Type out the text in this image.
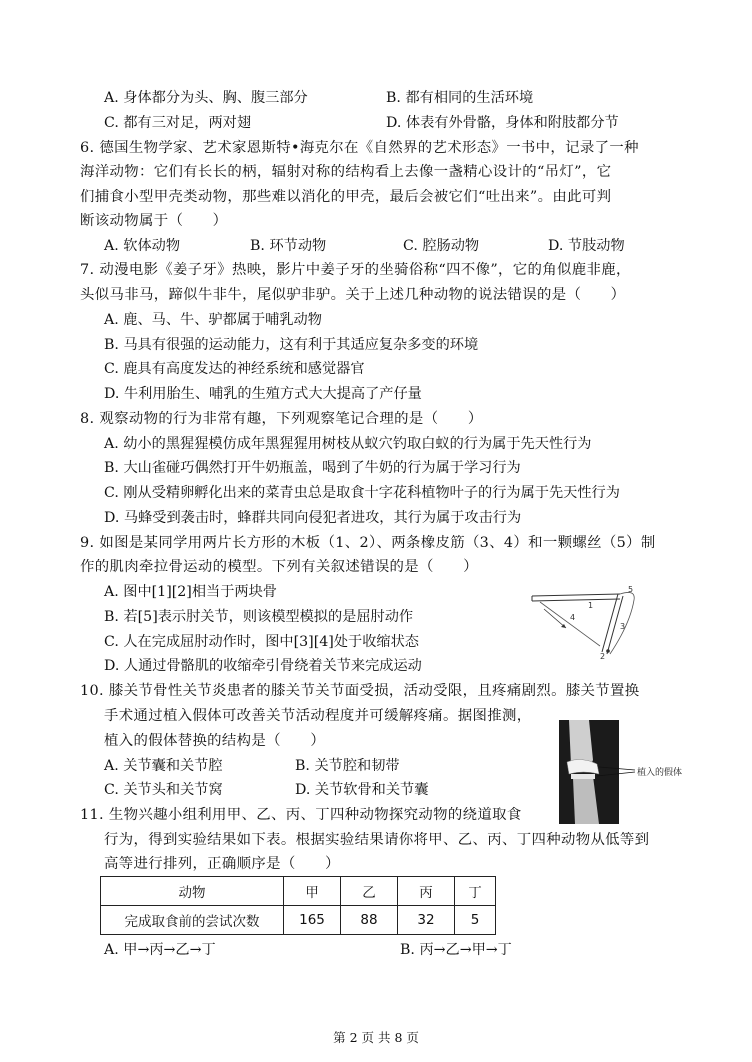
A. 身体都分为头、胸、腹三部分	B. 都有相同的生活环境
C. 都有三对足，两对翅	D. 体表有外骨骼，身体和附肢都分节
6. 德国生物学家、艺术家恩斯特•海克尔在《自然界的艺术形态》一书中，记录了一种
海洋动物：它们有长长的柄，辐射对称的结构看上去像一盏精心设计的“吊灯”，它
们捕食小型甲壳类动物，那些难以消化的甲壳，最后会被它们“吐出来”。由此可判
断该动物属于（　　）
A. 软体动物	B. 环节动物	C. 腔肠动物	D. 节肢动物
7. 动漫电影《姜子牙》热映，影片中姜子牙的坐骑俗称“四不像”，它的角似鹿非鹿，
头似马非马，蹄似牛非牛，尾似驴非驴。关于上述几种动物的说法错误的是（　　）
A. 鹿、马、牛、驴都属于哺乳动物
B. 马具有很强的运动能力，这有利于其适应复杂多变的环境
C. 鹿具有高度发达的神经系统和感觉器官
D. 牛利用胎生、哺乳的生殖方式大大提高了产仔量
8. 观察动物的行为非常有趣，下列观察笔记合理的是（　　）
A. 幼小的黑猩猩模仿成年黑猩猩用树枝从蚁穴钓取白蚁的行为属于先天性行为
B. 大山雀碰巧偶然打开牛奶瓶盖，喝到了牛奶的行为属于学习行为
C. 刚从受精卵孵化出来的菜青虫总是取食十字花科植物叶子的行为属于先天性行为
D. 马蜂受到袭击时，蜂群共同向侵犯者进攻，其行为属于攻击行为
9. 如图是某同学用两片长方形的木板（1、2）、两条橡皮筋（3、4）和一颗螺丝（5）制
作的肌肉牵拉骨运动的模型。下列有关叙述错误的是（　　）
A. 图中[1][2]相当于两块骨
B. 若[5]表示肘关节，则该模型模拟的是屈肘动作
C. 人在完成屈肘动作时，图中[3][4]处于收缩状态
D. 人通过骨骼肌的收缩牵引骨绕着关节来完成运动
5
1
4
3
2
10. 膝关节骨性关节炎患者的膝关节关节面受损，活动受限，且疼痛剧烈。膝关节置换
手术通过植入假体可改善关节活动程度并可缓解疼痛。据图推测，
植入的假体替换的结构是（　　）
A. 关节囊和关节腔	B. 关节腔和韧带
C. 关节头和关节窝	D. 关节软骨和关节囊
植入的假体
11. 生物兴趣小组利用甲、乙、丙、丁四种动物探究动物的绕道取食
行为，得到实验结果如下表。根据实验结果请你将甲、乙、丙、丁四种动物从低等到
高等进行排列，正确顺序是（　　）
动物	甲	乙	丙	丁
完成取食前的尝试次数	165	88	32	5
A. 甲→丙→乙→丁	B. 丙→乙→甲→丁
第 2 页 共 8 页
